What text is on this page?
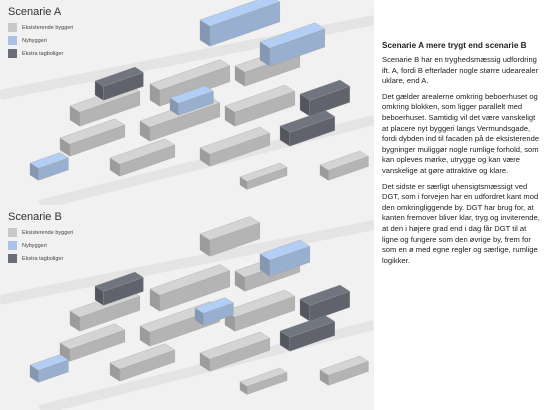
Scenarie A
Eksisterende byggeri
Nybyggeri
Ekstra tagboliger
Scenarie B
Eksisterende byggeri
Nybyggeri
Ekstra tagboliger
Scenarie A mere trygt end scenarie B

Scenarie B har en tryghedsmæssig udfordring ift. A, fordi B efterlader nogle større udearealer uklare, end A.

Det gælder arealerne omkring beboerhuset og omkring blokken, som ligger parallelt med beboerhuset. Samtidig vil det være vanskeligt at placere nyt byggeri langs Vermundsgade, fordi dybden ind til facaden på de eksisterende bygninger muliggør nogle rumlige forhold, som kan opleves mørke, utrygge og kan være vanskelige at gøre attraktive og klare.

Det sidste er særligt uhensigtsmæssigt ved DGT, som i forvejen har en udfordret kant mod den omkringliggende by. DGT har brug for, at kanten fremover bliver klar, tryg og inviterende, at den i højere grad end i dag får DGT til at ligne og fungere som den øvrige by, frem for som en ø med egne regler og særlige, rumlige logikker.
